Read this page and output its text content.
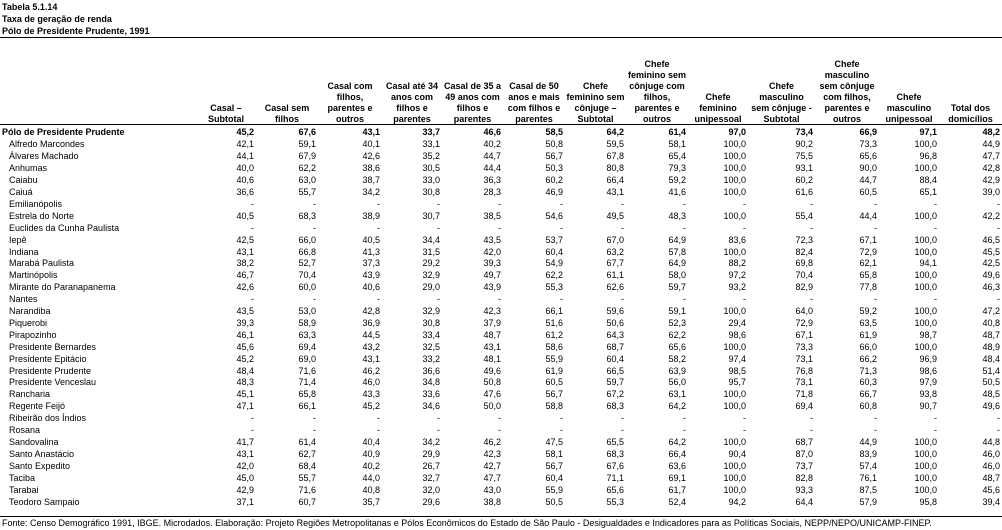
Tabela 5.1.14
Taxa de geração de renda
Pólo de Presidente Prudente, 1991
	Casal – Subtotal	Casal sem filhos	Casal com filhos, parentes e outros	Casal até 34 anos com filhos e parentes	Casal de 35 a 49 anos com filhos e parentes	Casal de 50 anos e mais com filhos e parentes	Chefe feminino sem cônjuge – Subtotal	Chefe feminino sem cônjuge com filhos, parentes e outros	Chefe feminino unipessoal	Chefe masculino sem cônjuge - Subtotal	Chefe masculino sem cônjuge com filhos, parentes e outros	Chefe masculino unipessoal	Total dos domicílios
Pólo de Presidente Prudente	45,2	67,6	43,1	33,7	46,6	58,5	64,2	61,4	97,0	73,4	66,9	97,1	48,2
Alfredo Marcondes	42,1	59,1	40,1	33,1	40,2	50,8	59,5	58,1	100,0	90,2	73,3	100,0	44,9
Álvares Machado	44,1	67,9	42,6	35,2	44,7	56,7	67,8	65,4	100,0	75,5	65,6	96,8	47,7
Anhumas	40,0	62,2	38,6	30,5	44,4	50,3	80,8	79,3	100,0	93,1	90,0	100,0	42,8
Caiabu	40,6	63,0	38,7	33,0	36,3	60,2	66,4	59,2	100,0	60,2	44,7	88,4	42,9
Caiuá	36,6	55,7	34,2	30,8	28,3	46,9	43,1	41,6	100,0	61,6	60,5	65,1	39,0
Emilianópolis	-	-	-	-	-	-	-	-	-	-	-	-	-
Estrela do Norte	40,5	68,3	38,9	30,7	38,5	54,6	49,5	48,3	100,0	55,4	44,4	100,0	42,2
Euclides da Cunha Paulista	-	-	-	-	-	-	-	-	-	-	-	-	-
Iepê	42,5	66,0	40,5	34,4	43,5	53,7	67,0	64,9	83,6	72,3	67,1	100,0	46,5
Indiana	43,1	66,8	41,3	31,5	42,0	60,4	63,2	57,8	100,0	82,4	72,9	100,0	45,5
Marabá Paulista	38,2	52,7	37,3	29,2	39,3	54,9	67,7	64,9	88,2	69,8	62,1	94,1	42,5
Martinópolis	46,7	70,4	43,9	32,9	49,7	62,2	61,1	58,0	97,2	70,4	65,8	100,0	49,6
Mirante do Paranapanema	42,6	60,0	40,6	29,0	43,9	55,3	62,6	59,7	93,2	82,9	77,8	100,0	46,3
Nantes	-	-	-	-	-	-	-	-	-	-	-	-	-
Narandiba	43,5	53,0	42,8	32,9	42,3	66,1	59,6	59,1	100,0	64,0	59,2	100,0	47,2
Piquerobi	39,3	58,9	36,9	30,8	37,9	51,6	50,6	52,3	29,4	72,9	63,5	100,0	40,8
Pirapozinho	46,1	63,3	44,5	33,4	48,7	61,2	64,3	62,2	98,6	67,1	61,9	98,7	48,7
Presidente Bernardes	45,6	69,4	43,2	32,5	43,1	58,6	68,7	65,6	100,0	73,3	66,0	100,0	48,9
Presidente Epitácio	45,2	69,0	43,1	33,2	48,1	55,9	60,4	58,2	97,4	73,1	66,2	96,9	48,4
Presidente Prudente	48,4	71,6	46,2	36,6	49,6	61,9	66,5	63,9	98,5	76,8	71,3	98,6	51,4
Presidente Venceslau	48,3	71,4	46,0	34,8	50,8	60,5	59,7	56,0	95,7	73,1	60,3	97,9	50,5
Rancharia	45,1	65,8	43,3	33,6	47,6	56,7	67,2	63,1	100,0	71,8	66,7	93,8	48,5
Regente Feijó	47,1	66,1	45,2	34,6	50,0	58,8	68,3	64,2	100,0	69,4	60,8	90,7	49,6
Ribeirão dos Índios	-	-	-	-	-	-	-	-	-	-	-	-	-
Rosana	-	-	-	-	-	-	-	-	-	-	-	-	-
Sandovalina	41,7	61,4	40,4	34,2	46,2	47,5	65,5	64,2	100,0	68,7	44,9	100,0	44,8
Santo Anastácio	43,1	62,7	40,9	29,9	42,3	58,1	68,3	66,4	90,4	87,0	83,9	100,0	46,0
Santo Expedito	42,0	68,4	40,2	26,7	42,7	56,7	67,6	63,6	100,0	73,7	57,4	100,0	46,0
Taciba	45,0	55,7	44,0	32,7	47,7	60,4	71,1	69,1	100,0	82,8	76,1	100,0	48,7
Tarabai	42,9	71,6	40,8	32,0	43,0	55,9	65,6	61,7	100,0	93,3	87,5	100,0	45,6
Teodoro Sampaio	37,1	60,7	35,7	29,6	38,8	50,5	55,3	52,4	94,2	64,4	57,9	95,8	39,4
Fonte: Censo Demográfico 1991, IBGE. Microdados. Elaboração: Projeto Regiões Metropolitanas e Pólos Econômicos do Estado de São Paulo - Desigualdades e Indicadores para as Políticas Sociais, NEPP/NEPO/UNICAMP-FINEP.
